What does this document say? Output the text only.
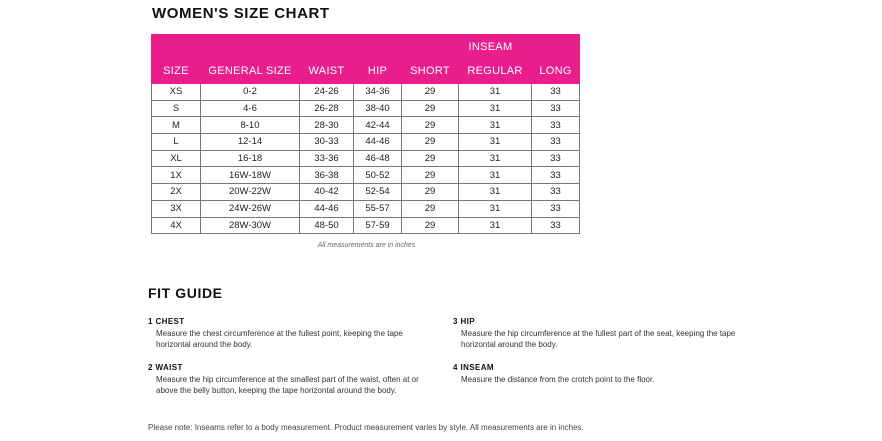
WOMEN'S SIZE CHART
				INSEAM		
SIZE	GENERAL SIZE	WAIST	HIP	SHORT	REGULAR	LONG
XS	0-2	24-26	34-36	29	31	33
S	4-6	26-28	38-40	29	31	33
M	8-10	28-30	42-44	29	31	33
L	12-14	30-33	44-46	29	31	33
XL	16-18	33-36	46-48	29	31	33
1X	16W-18W	36-38	50-52	29	31	33
2X	20W-22W	40-42	52-54	29	31	33
3X	24W-26W	44-46	55-57	29	31	33
4X	28W-30W	48-50	57-59	29	31	33
All measurements are in inches
FIT GUIDE
1 CHEST
Measure the chest circumference at the fullest point, keeping the tape horizontal around the body.
2 WAIST
Measure the hip circumference at the smallest part of the waist, often at or above the belly button, keeping the tape horizontal around the body.
3 HIP
Measure the hip circumference at the fullest part of the seat, keeping the tape horizontal around the body.
4 INSEAM
Measure the distance from the crotch point to the floor.
Please note: Inseams refer to a body measurement. Product measurement varies by style. All measurements are in inches.
